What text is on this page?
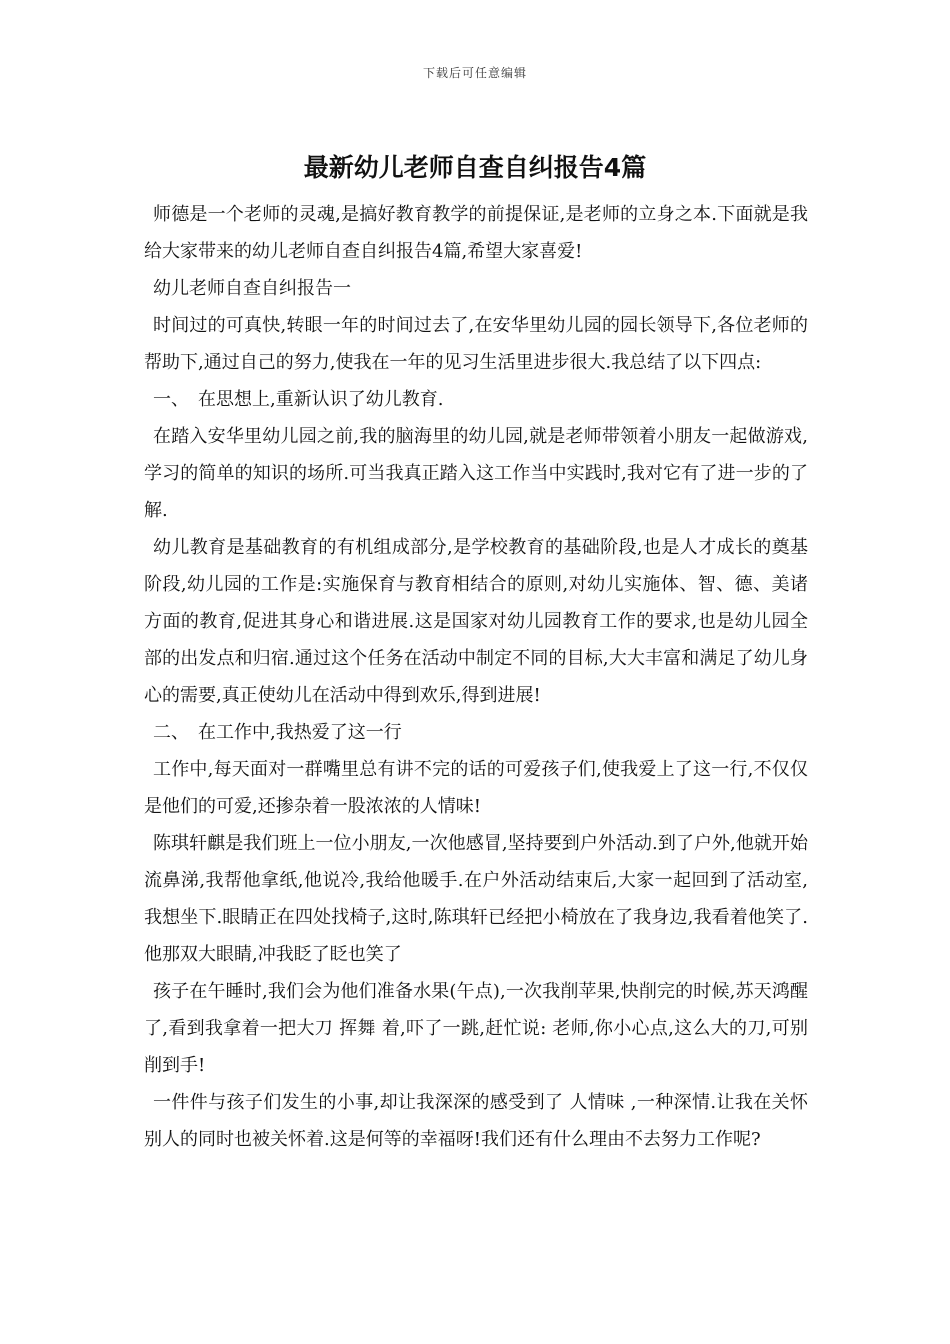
下载后可任意编辑
最新幼儿老师自查自纠报告4篇

师德是一个老师的灵魂,是搞好教育教学的前提保证,是老师的立身之本.下面就是我给大家带来的幼儿老师自查自纠报告4篇,希望大家喜爱!

幼儿老师自查自纠报告一

时间过的可真快,转眼一年的时间过去了,在安华里幼儿园的园长领导下,各位老师的帮助下,通过自己的努力,使我在一年的见习生活里进步很大.我总结了以下四点:

一、　在思想上,重新认识了幼儿教育.

在踏入安华里幼儿园之前,我的脑海里的幼儿园,就是老师带领着小朋友一起做游戏,学习的简单的知识的场所.可当我真正踏入这工作当中实践时,我对它有了进一步的了解.

幼儿教育是基础教育的有机组成部分,是学校教育的基础阶段,也是人才成长的奠基阶段,幼儿园的工作是:实施保育与教育相结合的原则,对幼儿实施体、智、德、美诸方面的教育,促进其身心和谐进展.这是国家对幼儿园教育工作的要求,也是幼儿园全部的出发点和归宿.通过这个任务在活动中制定不同的目标,大大丰富和满足了幼儿身心的需要,真正使幼儿在活动中得到欢乐,得到进展!

二、　在工作中,我热爱了这一行

工作中,每天面对一群嘴里总有讲不完的话的可爱孩子们,使我爱上了这一行,不仅仅是他们的可爱,还掺杂着一股浓浓的人情味!

陈琪轩麒是我们班上一位小朋友,一次他感冒,坚持要到户外活动.到了户外,他就开始流鼻涕,我帮他拿纸,他说冷,我给他暖手.在户外活动结束后,大家一起回到了活动室,我想坐下.眼睛正在四处找椅子,这时,陈琪轩已经把小椅放在了我身边,我看着他笑了.他那双大眼睛,冲我眨了眨也笑了

孩子在午睡时,我们会为他们准备水果(午点),一次我削苹果,快削完的时候,苏天鸿醒了,看到我拿着一把大刀 挥舞 着,吓了一跳,赶忙说: 老师,你小心点,这么大的刀,可别削到手!

一件件与孩子们发生的小事,却让我深深的感受到了 人情味 ,一种深情.让我在关怀别人的同时也被关怀着.这是何等的幸福呀!我们还有什么理由不去努力工作呢?
